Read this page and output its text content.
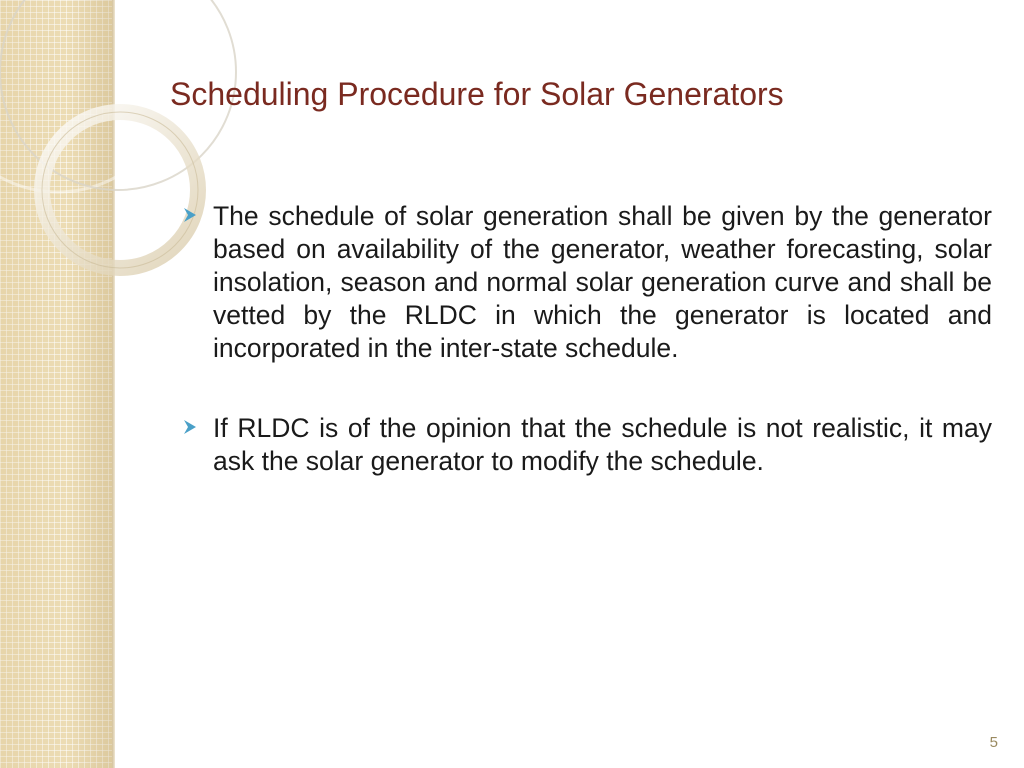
Scheduling Procedure for Solar Generators
The schedule of solar generation shall be given by the generator based on availability of the generator, weather forecasting, solar insolation, season and normal solar generation curve and shall be vetted by the RLDC in which the generator is located and incorporated in the inter-state schedule.
If RLDC is of the opinion that the schedule is not realistic, it may ask the solar generator to modify the schedule.
5
